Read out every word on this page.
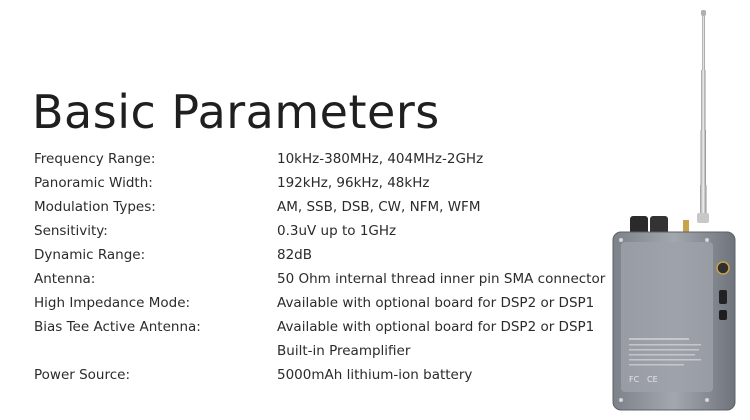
Basic Parameters
Frequency Range:	10kHz-380MHz, 404MHz-2GHz
Panoramic Width:	192kHz, 96kHz, 48kHz
Modulation Types:	AM, SSB, DSB, CW, NFM, WFM
Sensitivity:	0.3uV up to 1GHz
Dynamic Range:	82dB
Antenna:	50 Ohm internal thread inner pin SMA connector
High Impedance Mode:	Available with optional board for DSP2 or DSP1
Bias Tee Active Antenna:	Available with optional board for DSP2 or DSP1
	Built-in Preamplifier
Power Source:	5000mAh lithium-ion battery	FC CE
